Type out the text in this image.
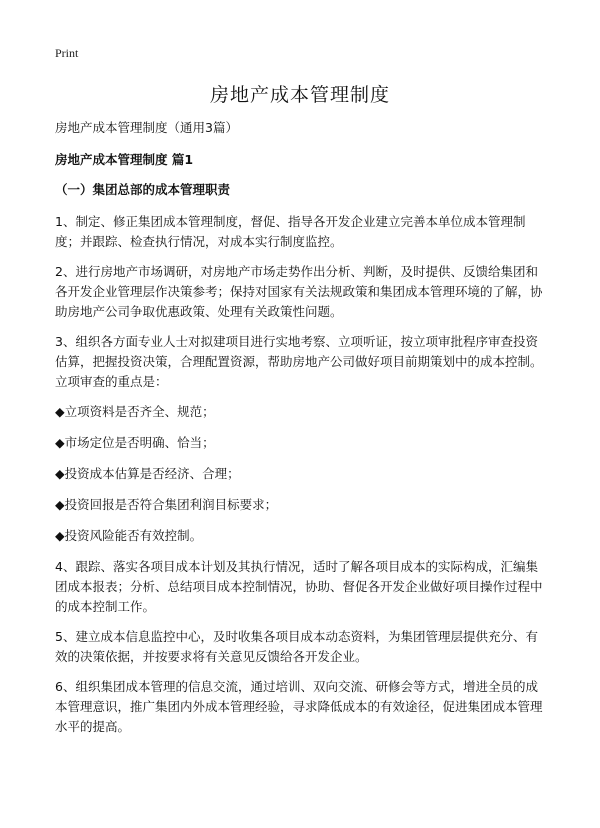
Print
房地产成本管理制度

房地产成本管理制度（通用3篇）

房地产成本管理制度 篇1

（一）集团总部的成本管理职责

1、制定、修正集团成本管理制度，督促、指导各开发企业建立完善本单位成本管理制度；并跟踪、检查执行情况，对成本实行制度监控。

2、进行房地产市场调研，对房地产市场走势作出分析、判断，及时提供、反馈给集团和各开发企业管理层作决策参考；保持对国家有关法规政策和集团成本管理环境的了解，协助房地产公司争取优惠政策、处理有关政策性问题。

3、组织各方面专业人士对拟建项目进行实地考察、立项听证，按立项审批程序审查投资估算，把握投资决策，合理配置资源，帮助房地产公司做好项目前期策划中的成本控制。立项审查的重点是：

◆立项资料是否齐全、规范；

◆市场定位是否明确、恰当；

◆投资成本估算是否经济、合理；

◆投资回报是否符合集团利润目标要求；

◆投资风险能否有效控制。

4、跟踪、落实各项目成本计划及其执行情况，适时了解各项目成本的实际构成，汇编集团成本报表；分析、总结项目成本控制情况，协助、督促各开发企业做好项目操作过程中的成本控制工作。

5、建立成本信息监控中心，及时收集各项目成本动态资料，为集团管理层提供充分、有效的决策依据，并按要求将有关意见反馈给各开发企业。

6、组织集团成本管理的信息交流，通过培训、双向交流、研修会等方式，增进全员的成本管理意识，推广集团内外成本管理经验，寻求降低成本的有效途径，促进集团成本管理水平的提高。
